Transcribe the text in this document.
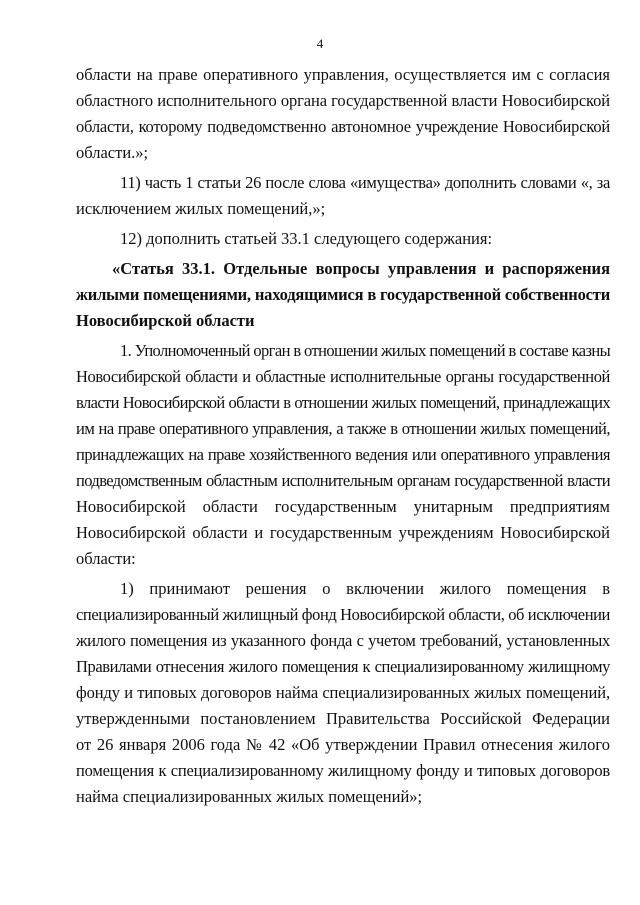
4
области на праве оперативного управления, осуществляется им с согласия
областного исполнительного органа государственной власти Новосибирской
области, которому подведомственно автономное учреждение Новосибирской
области.»;
11) часть 1 статьи 26 после слова «имущества» дополнить словами «, за
исключением жилых помещений,»;
12) дополнить статьей 33.1 следующего содержания:
«Статья 33.1. Отдельные вопросы управления и распоряжения
жилыми помещениями, находящимися в государственной собственности
Новосибирской области
1. Уполномоченный орган в отношении жилых помещений в составе казны
Новосибирской области и областные исполнительные органы государственной
власти Новосибирской области в отношении жилых помещений, принадлежащих
им на праве оперативного управления, а также в отношении жилых помещений,
принадлежащих на праве хозяйственного ведения или оперативного управления
подведомственным областным исполнительным органам государственной власти
Новосибирской области государственным унитарным предприятиям
Новосибирской области и государственным учреждениям Новосибирской
области:
1) принимают решения о включении жилого помещения в
специализированный жилищный фонд Новосибирской области, об исключении
жилого помещения из указанного фонда с учетом требований, установленных
Правилами отнесения жилого помещения к специализированному жилищному
фонду и типовых договоров найма специализированных жилых помещений,
утвержденными постановлением Правительства Российской Федерации
от 26 января 2006 года № 42 «Об утверждении Правил отнесения жилого
помещения к специализированному жилищному фонду и типовых договоров
найма специализированных жилых помещений»;
